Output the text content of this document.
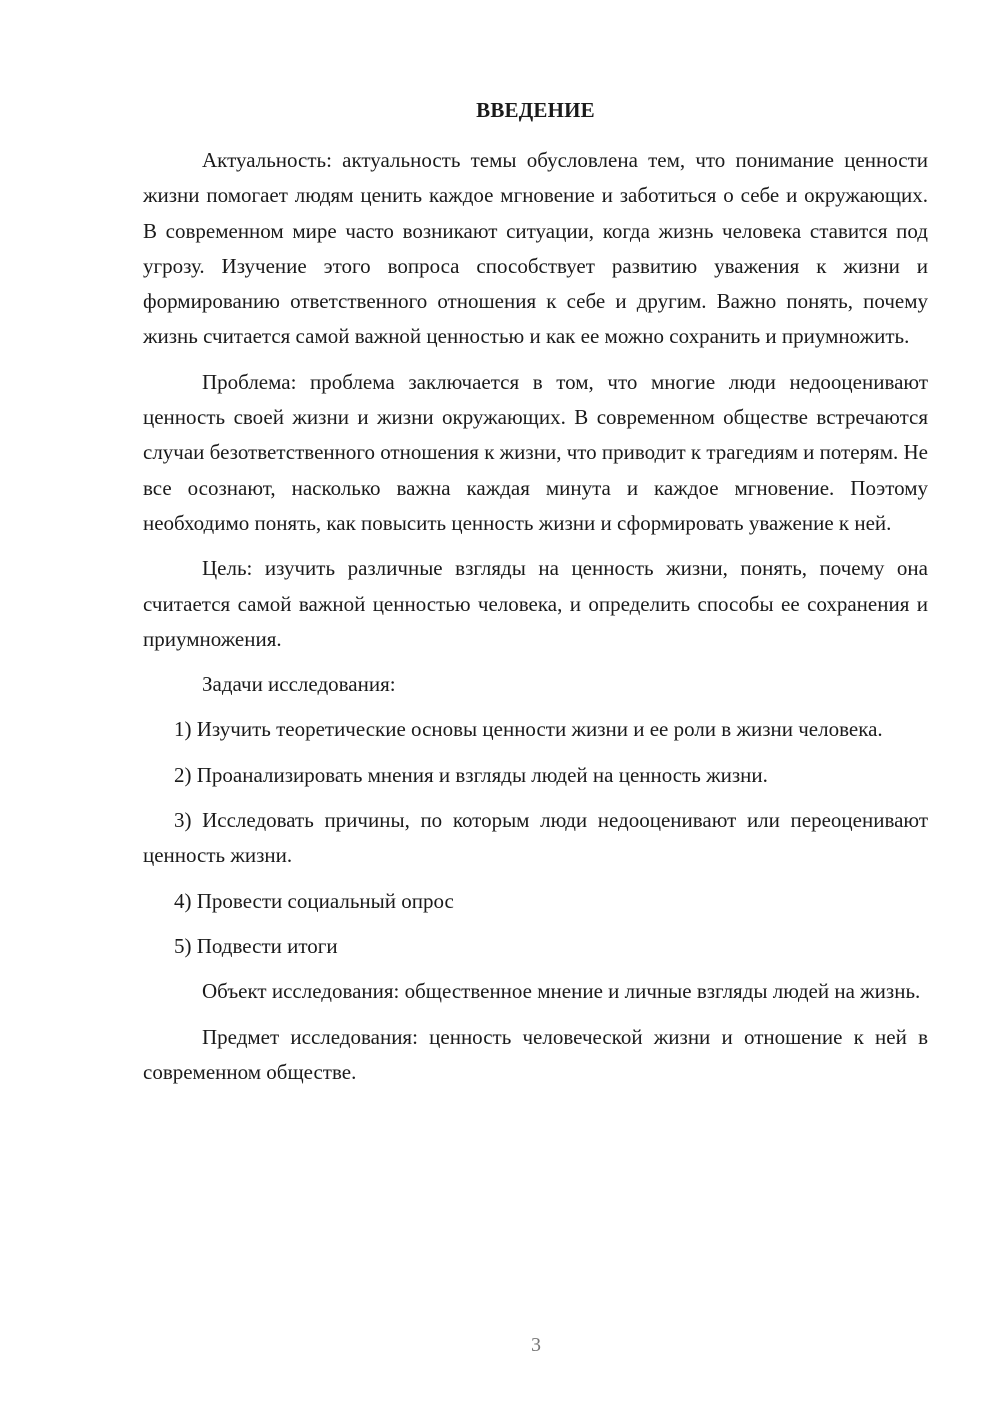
ВВЕДЕНИЕ

Актуальность: актуальность темы обусловлена тем, что понимание ценности жизни помогает людям ценить каждое мгновение и заботиться о себе и окружающих. В современном мире часто возникают ситуации, когда жизнь человека ставится под угрозу. Изучение этого вопроса способствует развитию уважения к жизни и формированию ответственного отношения к себе и другим. Важно понять, почему жизнь считается самой важной ценностью и как ее можно сохранить и приумножить.

Проблема: проблема заключается в том, что многие люди недооценивают ценность своей жизни и жизни окружающих. В современном обществе встречаются случаи безответственного отношения к жизни, что приводит к трагедиям и потерям. Не все осознают, насколько важна каждая минута и каждое мгновение. Поэтому необходимо понять, как повысить ценность жизни и сформировать уважение к ней.

Цель: изучить различные взгляды на ценность жизни, понять, почему она считается самой важной ценностью человека, и определить способы ее сохранения и приумножения.

Задачи исследования:

1) Изучить теоретические основы ценности жизни и ее роли в жизни человека.

2) Проанализировать мнения и взгляды людей на ценность жизни.

3) Исследовать причины, по которым люди недооценивают или переоценивают ценность жизни.

4) Провести социальный опрос

5) Подвести итоги

Объект исследования: общественное мнение и личные взгляды людей на жизнь.

Предмет исследования: ценность человеческой жизни и отношение к ней в современном обществе.

3
